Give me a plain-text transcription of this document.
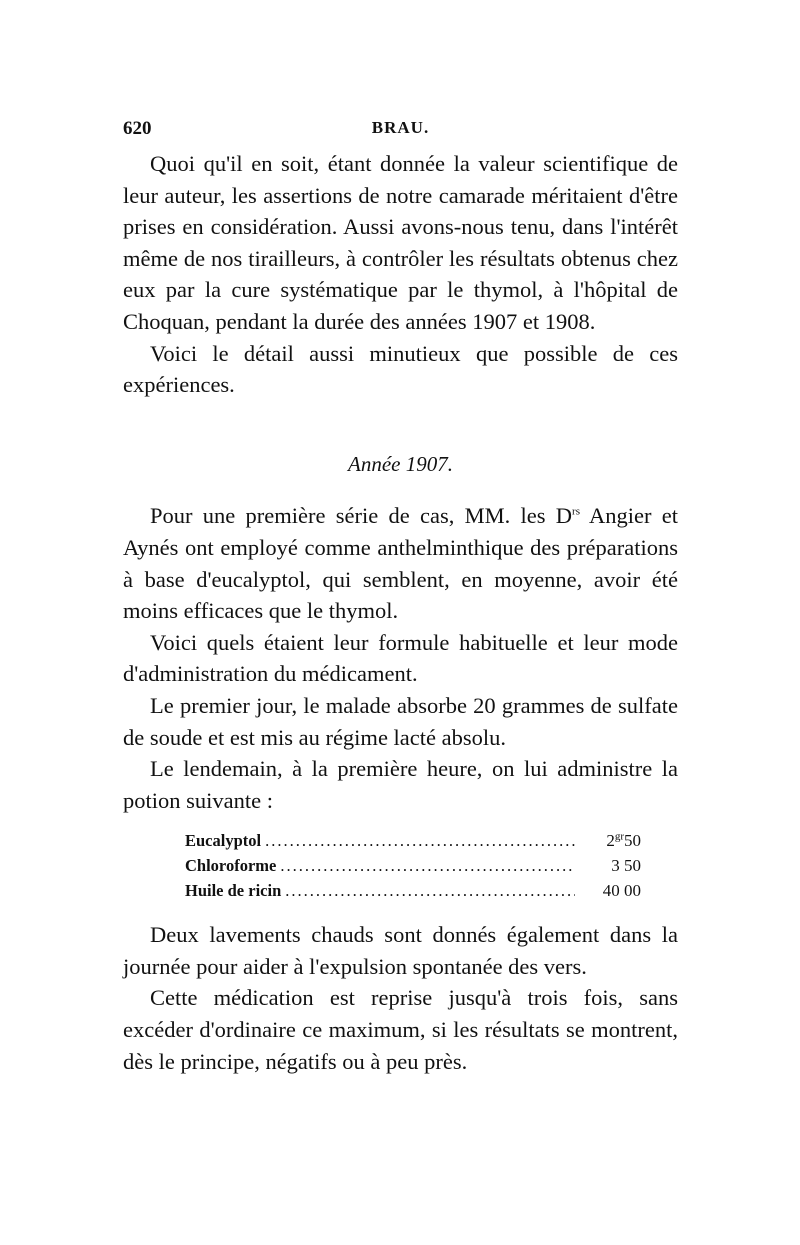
620	BRAU.

Quoi qu'il en soit, étant donnée la valeur scientifique de leur auteur, les assertions de notre camarade méritaient d'être prises en considération. Aussi avons-nous tenu, dans l'intérêt même de nos tirailleurs, à contrôler les résultats obtenus chez eux par la cure systématique par le thymol, à l'hôpital de Choquan, pendant la durée des années 1907 et 1908.

Voici le détail aussi minutieux que possible de ces expériences.

Année 1907.

Pour une première série de cas, MM. les $D^{rs}$ Angier et Aynés ont employé comme anthelminthique des préparations à base d'eucalyptol, qui semblent, en moyenne, avoir été moins efficaces que le thymol.

Voici quels étaient leur formule habituelle et leur mode d'administration du médicament.

Le premier jour, le malade absorbe 20 grammes de sulfate de soude et est mis au régime lacté absolu.

Le lendemain, à la première heure, on lui administre la potion suivante :

Eucalyptol .....	$2^{gr}50$
Chloroforme .....	3 50
Huile de ricin .....	40 00

Deux lavements chauds sont donnés également dans la journée pour aider à l'expulsion spontanée des vers.

Cette médication est reprise jusqu'à trois fois, sans excéder d'ordinaire ce maximum, si les résultats se montrent, dès le principe, négatifs ou à peu près.
